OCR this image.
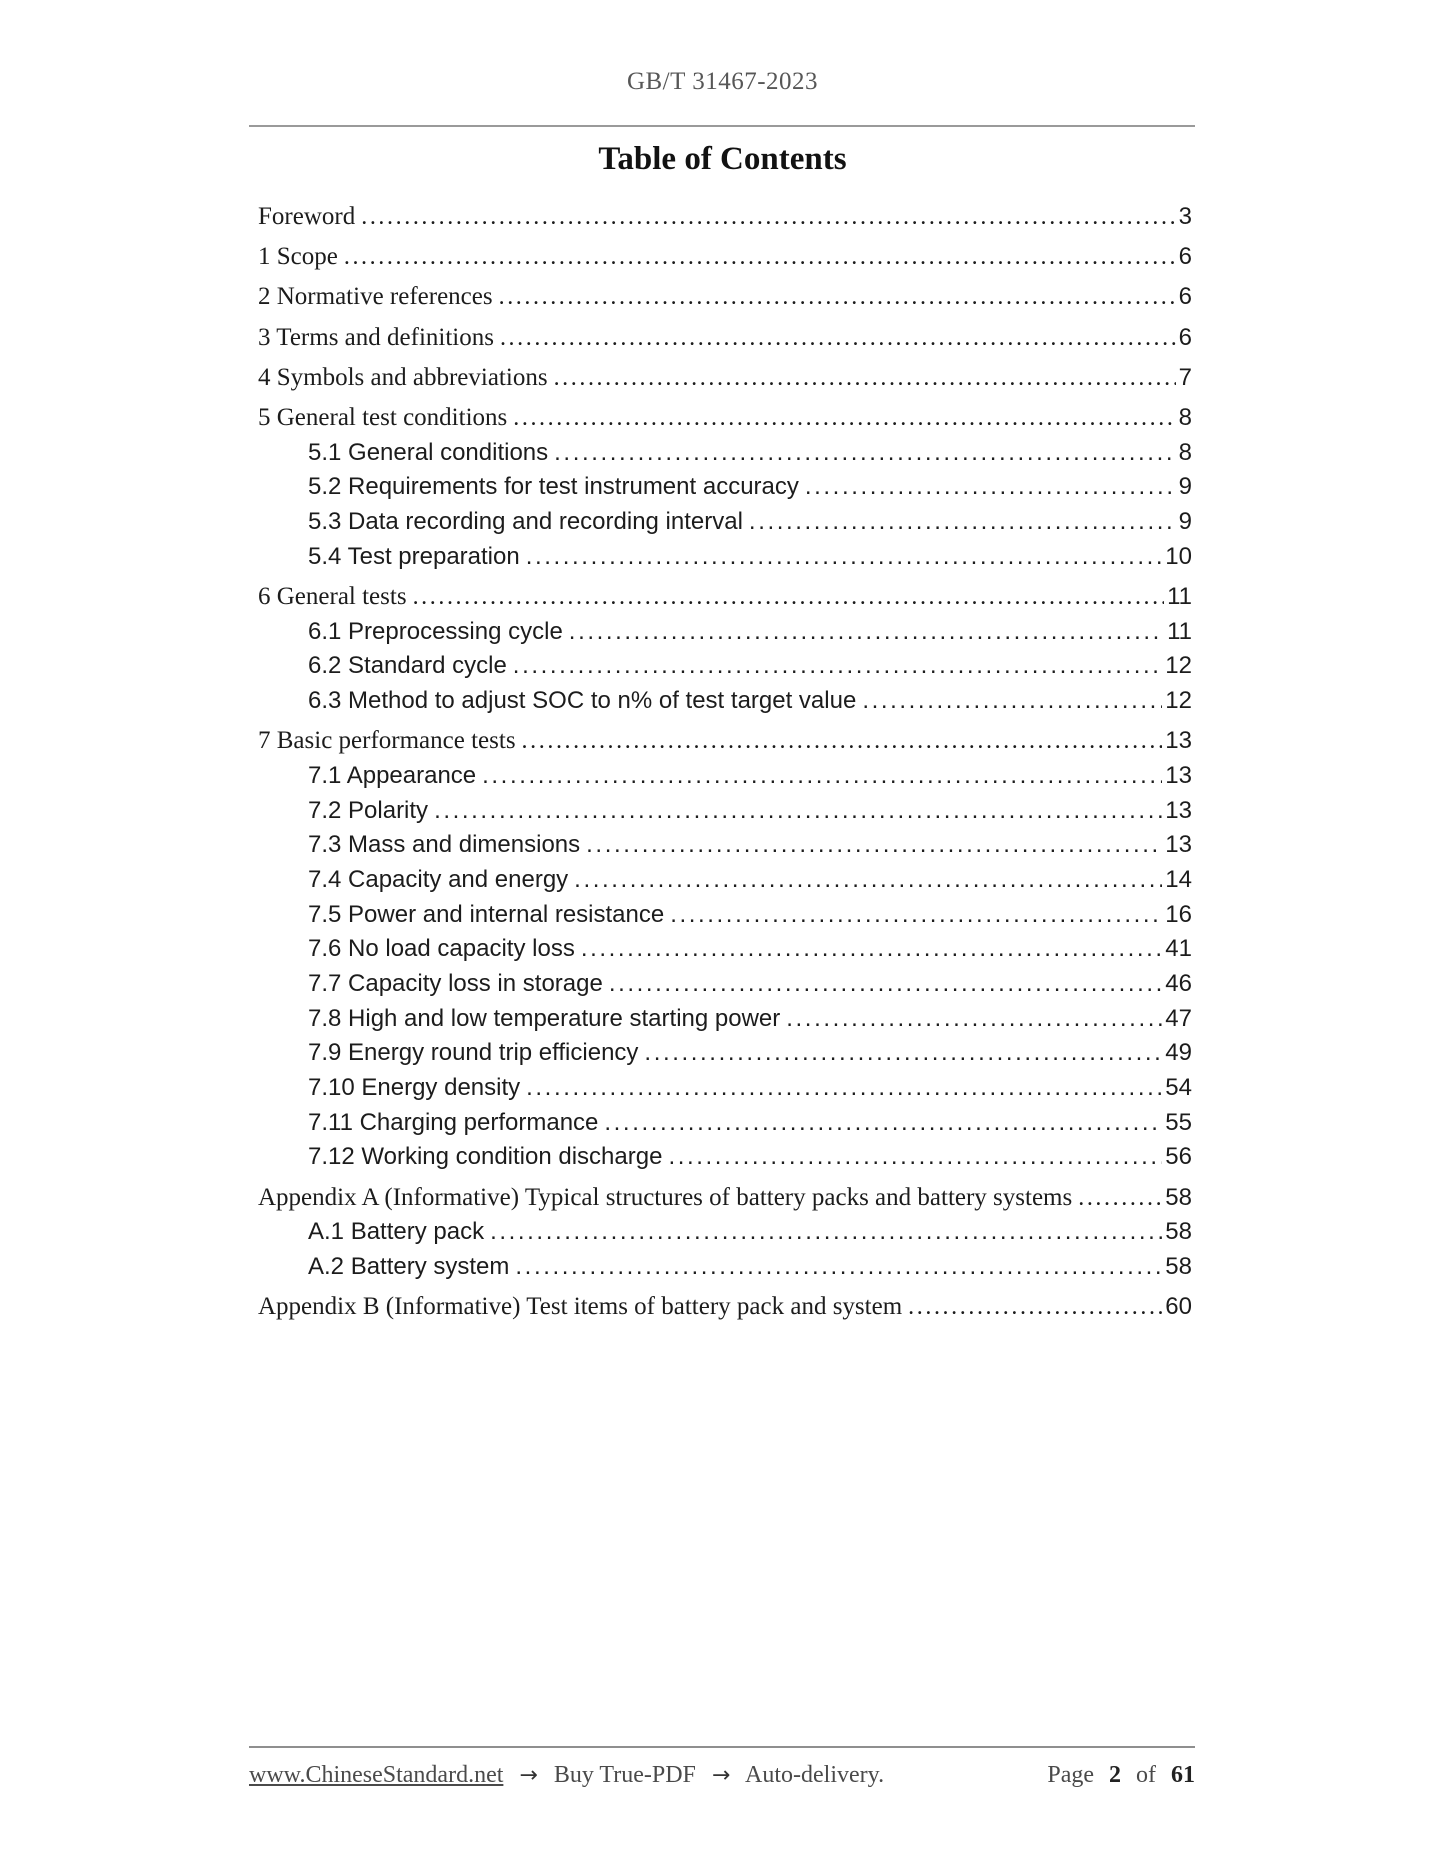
GB/T 31467-2023
Table of Contents
Foreword .....	3
1 Scope .....	6
2 Normative references .....	6
3 Terms and definitions .....	6
4 Symbols and abbreviations .....	7
5 General test conditions .....	8
5.1 General conditions .....	8
5.2 Requirements for test instrument accuracy .....	9
5.3 Data recording and recording interval .....	9
5.4 Test preparation .....	10
6 General tests .....	11
6.1 Preprocessing cycle .....	11
6.2 Standard cycle .....	12
6.3 Method to adjust SOC to n% of test target value .....	12
7 Basic performance tests .....	13
7.1 Appearance .....	13
7.2 Polarity .....	13
7.3 Mass and dimensions .....	13
7.4 Capacity and energy .....	14
7.5 Power and internal resistance .....	16
7.6 No load capacity loss .....	41
7.7 Capacity loss in storage .....	46
7.8 High and low temperature starting power .....	47
7.9 Energy round trip efficiency .....	49
7.10 Energy density .....	54
7.11 Charging performance .....	55
7.12 Working condition discharge .....	56
Appendix A (Informative) Typical structures of battery packs and battery systems .....	58
A.1 Battery pack .....	58
A.2 Battery system .....	58
Appendix B (Informative) Test items of battery pack and system .....	60
www.ChineseStandard.net → Buy True-PDF → Auto-delivery.	Page 2 of 61
